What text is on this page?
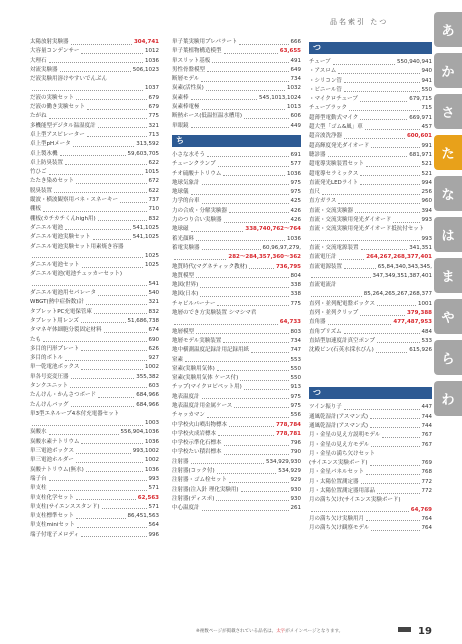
品名索引 たつ
あ
か
さ
た
な
は
ま
や
ら
わ
太陽放射実験器	304,741
大容量コンデンサー	1012
大理石	1036
対流実験器	506,1023
だ液実験用溶けやすいでんぷん
1037
だ液の実験セット	679
だ液の働き実験セット	679
たがね	775
多機能型デジタル温湿度計	321
卓上型アスピレーター	713
卓上型pHメータ	313,592
卓上製氷機	59,603,705
卓上防臭装置	622
竹ひご	1015
たたき染めセット	672
脱臭装置	622
縦波・横波観察用バネ・スネーキー	737
棚板	710
棚板(カチカチくんhigh用)	832
ダニエル電池	541,1025
ダニエル電池実験セット	541,1025
ダニエル電池実験セット用素焼き容器
1025
ダニエル電池セット	1025
ダニエル電池(電池チェッカーセット)
541
ダニエル電池用セパレータ	540
WBGT(熱中症指数)計	321
タブレットPC充電保管庫	832
タブレット用レンズ	51,686,738
タマネギ体細胞分裂固定材料	674
たも	690
多目的円形プレート	626
多目的ボトル	927
単一乾電池ボックス	1002
単各号変変圧器	355,382
タンクユニット	603
たんけん・かんさつボード	684,966
たんけんバッグ	684,966
単3型エネループ4本付充電器セット
1003
炭酸水	556,904,1036
炭酸水素ナトリウム	1036
単三電池ボックス	993,1002
単三電池ホルダー	1002
炭酸ナトリウム(無水)	1036
端子台	993
単支柱	571
単支柱化学セット	62,563
単支柱(サイエンススタンド)	571
単支柱標準セット	86,451,563
単支柱miniセット	564
端子付電子メロディ	996
単子葉実験用プレパラート	666
単子葉植物構造模型	63,655
単スリット基板	491
男性骨盤模型	649
断層モデル	734
炭素(活性炭)	1032
炭素棒	545,1013,1024
炭素棒電極	1013
断熱ホース(低温恒温水槽用)	606
単眼鏡	449
ち
小さな水そう	691
チェーンクランプ	577
チオ硫酸ナトリウム	1036
地球気象計	975
地球儀	975
力学的台車	425
力の合成・分解実験器	426
力のつり合い実験器	426
地球磁	338,740,762〜764
蓄光顔料	1036
蓄電実験器	60,96,97,279,
282〜284,357,360〜362
地質時代(マグネティック教材)	736,795
地質模型	804
地図(世界)	338
地図(日本)	338
チャビルバーナー	775
地層のでき方実験装置 シマシマ君
64,733
地層模型	803
地層モデル実験装置	734
地中横測温度記録計用記録用紙	747
窒素	553
窒素(実験用気体)	550
窒素(実験用気体 ケース付)	550
チップ(マイクロピペット用)	913
地表温度計	975
地表温度計用金属ケース	975
チャッカマン	556
中学校火山噴出物標本	778,784
中学校火成岩標本	778,781
中学校示準化石標本	796
中学校たい積岩標本	790
注射器	534,929,930
注射器(コック付)	534,929
注射器・ゴム栓セット	929
注射器(注入針 理化実験用)	930
注射器(ディスポ)	930
中心温度計	261
つ
チューブ	550,940,941
・アスロム	940
・シリコン管	941
・ビニール管	550
・マイクロチューブ	679,715
チューブラック	715
超薄型電動式マイク	669,971
超大型「ゴム&風」車	457
超音波洗浄器	600,601
超高輝度発光ダイオード	991
聴診器	681,971
超電導実験装置セット	521
超電導セラミックス	521
直流発光LEDライト	994
直尺	256
直方ガラス	960
直流・交流実験器	394
直流・交流実験用発光ダイオード	993
直流・交流実験用発光ダイオード抵抗付セット
993
直流・交流電源装置	341,351
直流電圧計	264,267,268,377,401
直流電源装置	65,84,340,343,345,
347,349,351,387,401
直流電流計
85,264,265,267,268,377
直列・並列配電盤ボックス	1001
直列・並列クリップ	379,388
直角器	477,487,953
直角プリズム	484
直結型加速度計真空ポンプ	533
沈殿ビン(石英水採水びん)	615,926
つ
ツイン振り子	447
通風乾湿計(アスマン式)	744
通風乾湿計(アスマン式)	744
月・金星の見え方説明モデル	767
月・金星の見え方モデル	767
月・金星の満ち欠けセット
(サイエンス実験ボード)	769
月・金星パネルセット	768
月・太陽位置測定器	772
月・太陽位置測定器用部品	772
月の満ち欠け(サイエンス実験ボード)
64,769
月の満ち欠け実験用月	764
月の満ち欠け観察モデル	764
※複数ページが掲載されている品名は、太字がメインページとなります。	19
